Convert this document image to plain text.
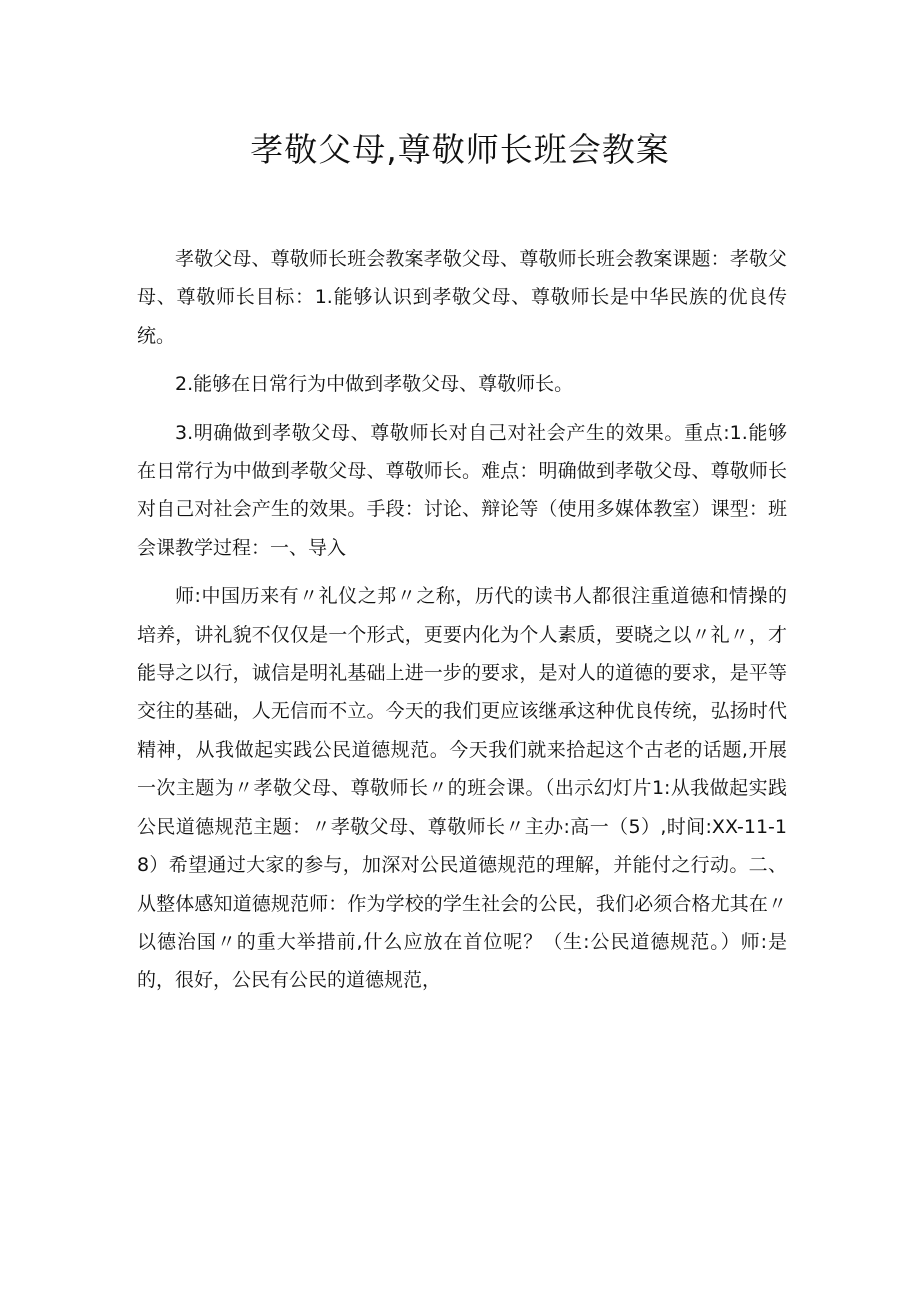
孝敬父母,尊敬师长班会教案

孝敬父母、尊敬师长班会教案孝敬父母、尊敬师长班会教案课题：孝敬父母、尊敬师长目标：1.能够认识到孝敬父母、尊敬师长是中华民族的优良传统。

2.能够在日常行为中做到孝敬父母、尊敬师长。

3.明确做到孝敬父母、尊敬师长对自己对社会产生的效果。重点:1.能够在日常行为中做到孝敬父母、尊敬师长。难点：明确做到孝敬父母、尊敬师长对自己对社会产生的效果。手段：讨论、辩论等（使用多媒体教室）课型：班会课教学过程：一、导入

师:中国历来有〃礼仪之邦〃之称，历代的读书人都很注重道德和情操的培养，讲礼貌不仅仅是一个形式，更要内化为个人素质，要晓之以〃礼〃，才能导之以行，诚信是明礼基础上进一步的要求，是对人的道德的要求，是平等交往的基础，人无信而不立。今天的我们更应该继承这种优良传统，弘扬时代精神，从我做起实践公民道德规范。今天我们就来拾起这个古老的话题,开展一次主题为〃孝敬父母、尊敬师长〃的班会课。（出示幻灯片1:从我做起实践公民道德规范主题：〃孝敬父母、尊敬师长〃主办:高一（5）,时间:XX-11-18）希望通过大家的参与，加深对公民道德规范的理解，并能付之行动。二、从整体感知道德规范师：作为学校的学生社会的公民，我们必须合格尤其在〃以德治国〃的重大举措前,什么应放在首位呢？（生:公民道德规范。）师:是的，很好，公民有公民的道德规范，
